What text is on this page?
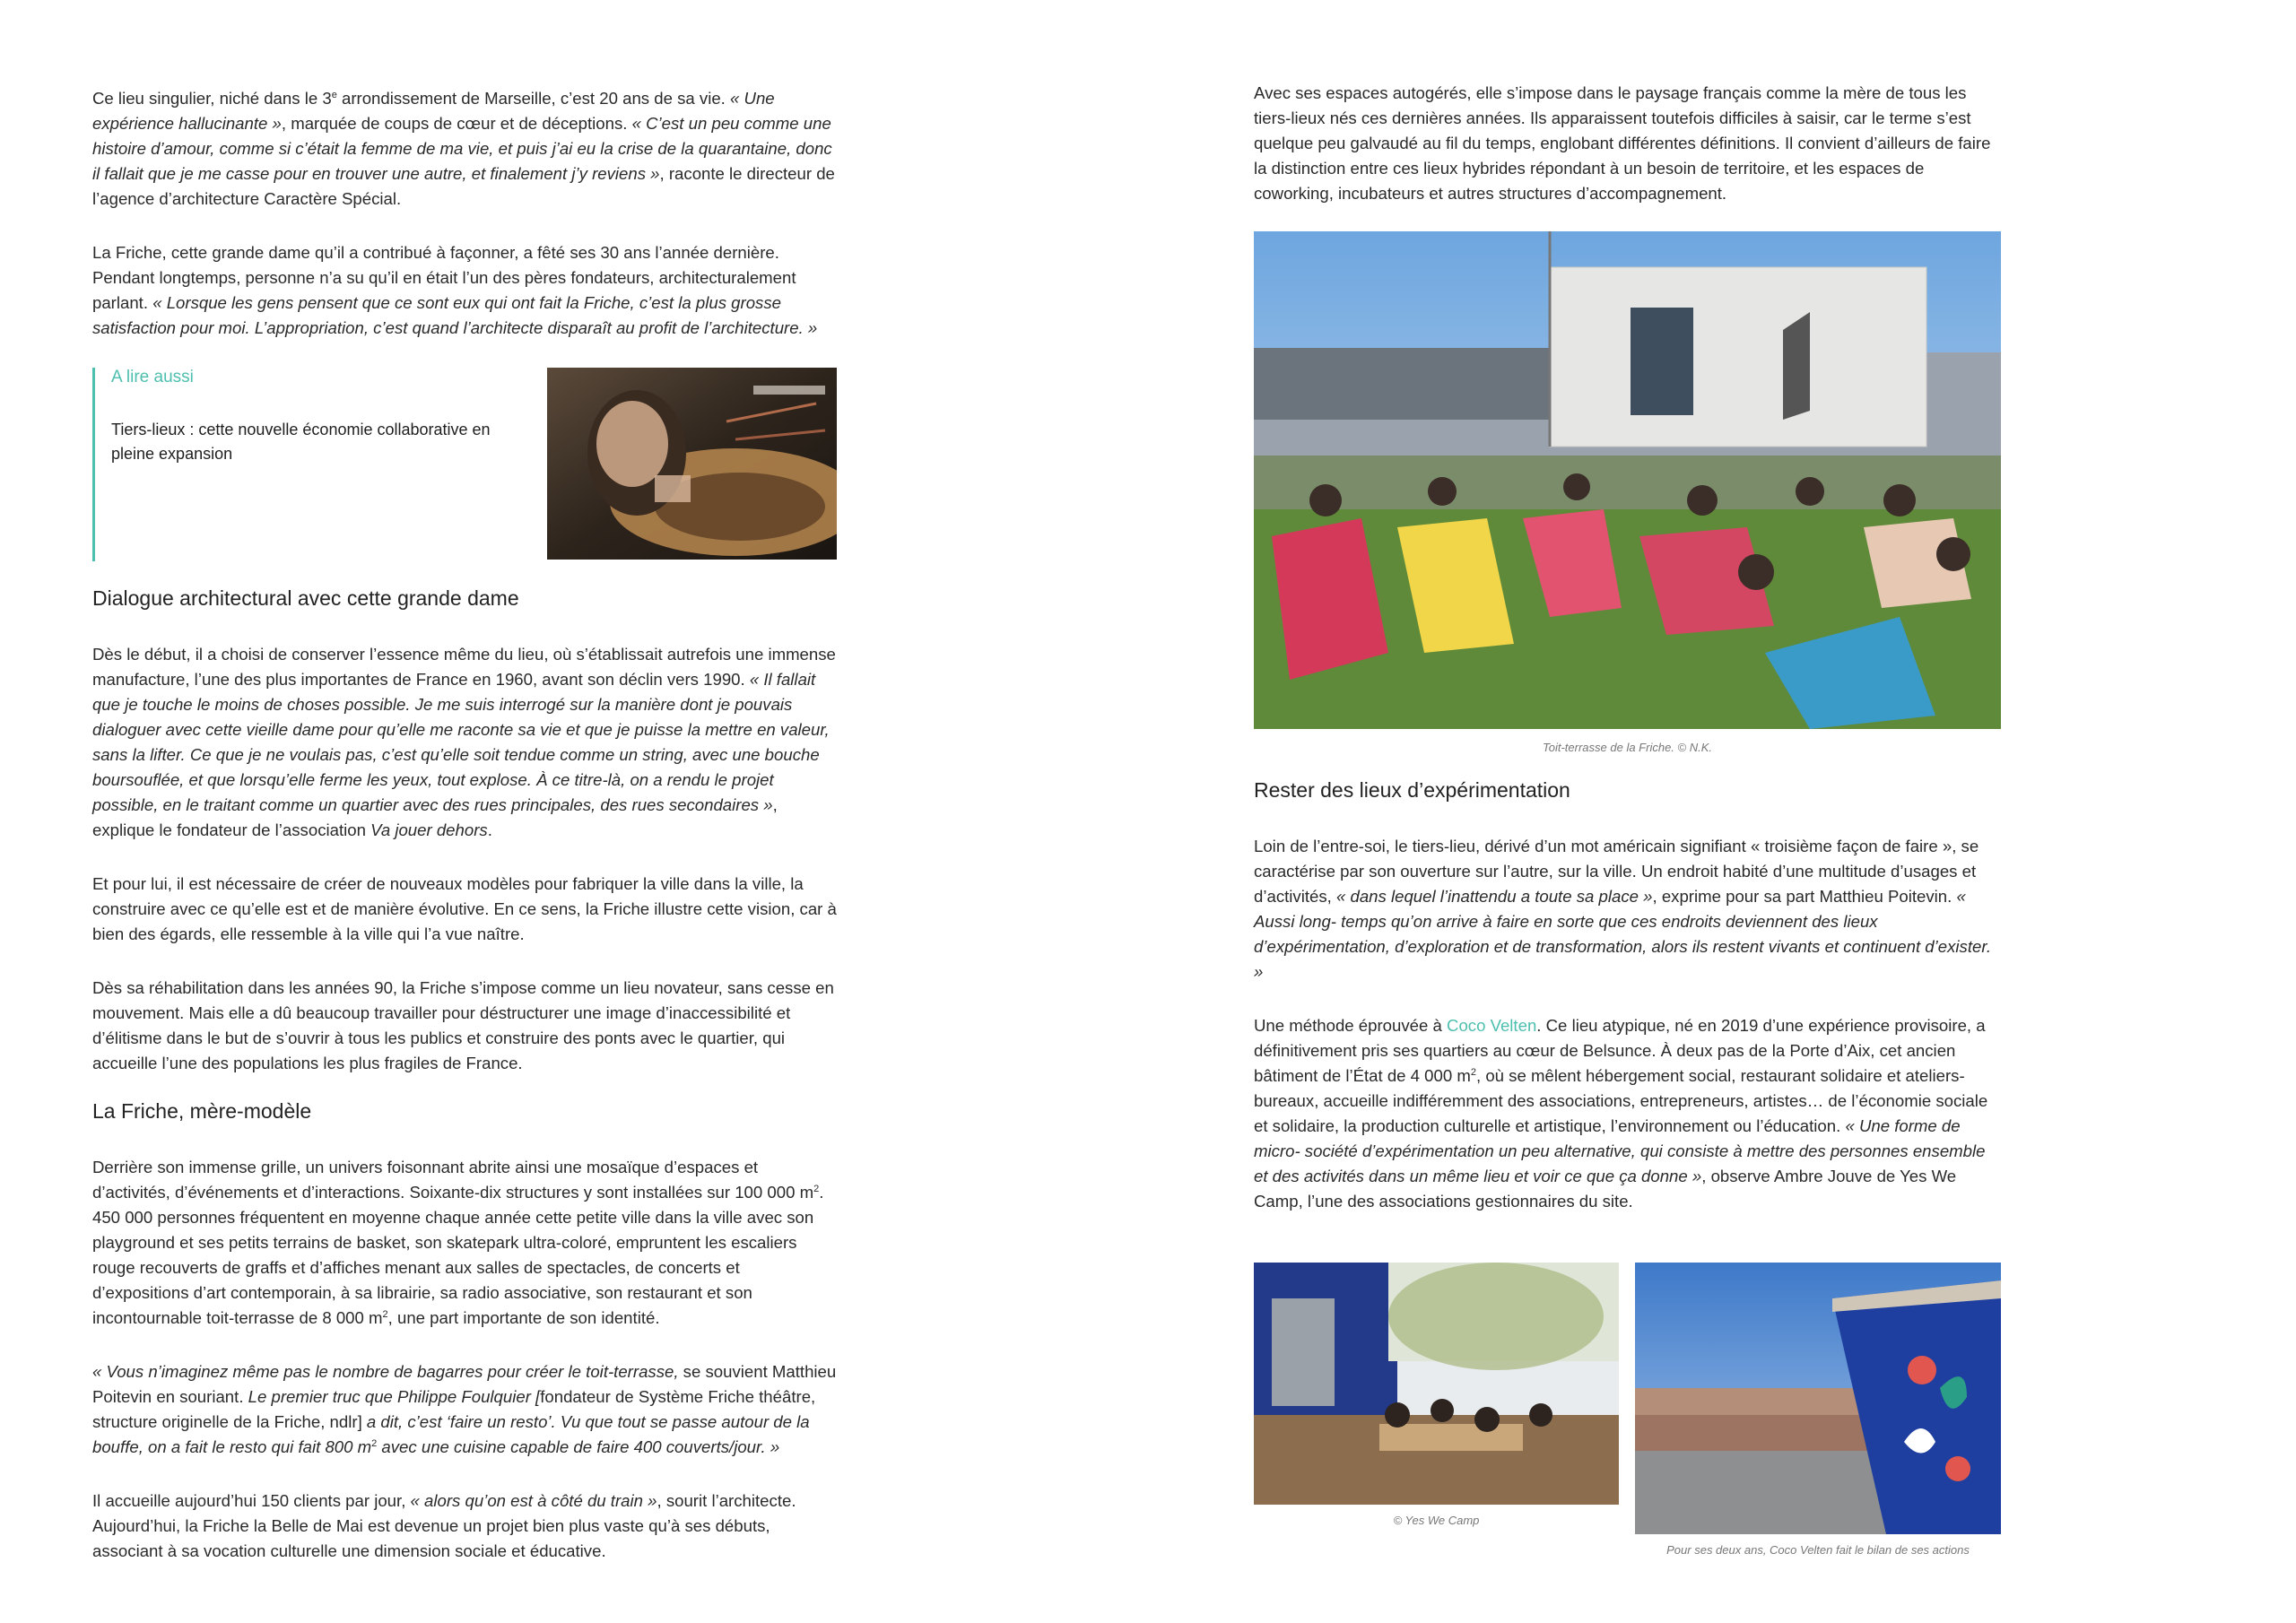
Ce lieu singulier, niché dans le 3e arrondissement de Marseille, c’est 20 ans de sa vie. « Une expérience hallucinante », marquée de coups de cœur et de déceptions. « C’est un peu comme une histoire d’amour, comme si c’était la femme de ma vie, et puis j’ai eu la crise de la quarantaine, donc il fallait que je me casse pour en trouver une autre, et finalement j’y reviens », raconte le directeur de l’agence d’architecture Caractère Spécial.

La Friche, cette grande dame qu’il a contribué à façonner, a fêté ses 30 ans l’année dernière. Pendant longtemps, personne n’a su qu’il en était l’un des pères fondateurs, architecturalement parlant. « Lorsque les gens pensent que ce sont eux qui ont fait la Friche, c’est la plus grosse satisfaction pour moi. L’appropriation, c’est quand l’architecte disparaît au profit de l’architecture. »

A lire aussi
Tiers-lieux : cette nouvelle économie collaborative en pleine expansion
Dialogue architectural avec cette grande dame

Dès le début, il a choisi de conserver l’essence même du lieu, où s’établissait autrefois une immense manufacture, l’une des plus importantes de France en 1960, avant son déclin vers 1990. « Il fallait que je touche le moins de choses possible. Je me suis interrogé sur la manière dont je pouvais dialoguer avec cette vieille dame pour qu’elle me raconte sa vie et que je puisse la mettre en valeur, sans la lifter. Ce que je ne voulais pas, c’est qu’elle soit tendue comme un string, avec une bouche boursouflée, et que lorsqu’elle ferme les yeux, tout explose. À ce titre-là, on a rendu le projet possible, en le traitant comme un quartier avec des rues principales, des rues secondaires », explique le fondateur de l’association Va jouer dehors.

Et pour lui, il est nécessaire de créer de nouveaux modèles pour fabriquer la ville dans la ville, la construire avec ce qu’elle est et de manière évolutive. En ce sens, la Friche illustre cette vision, car à bien des égards, elle ressemble à la ville qui l’a vue naître.

Dès sa réhabilitation dans les années 90, la Friche s’impose comme un lieu novateur, sans cesse en mouvement. Mais elle a dû beaucoup travailler pour déstructurer une image d’inaccessibilité et d’élitisme dans le but de s’ouvrir à tous les publics et construire des ponts avec le quartier, qui accueille l’une des populations les plus fragiles de France.

La Friche, mère-modèle

Derrière son immense grille, un univers foisonnant abrite ainsi une mosaïque d’espaces et d’activités, d’événements et d’interactions. Soixante-dix structures y sont installées sur 100 000 $m^2$. 450 000 personnes fréquentent en moyenne chaque année cette petite ville dans la ville avec son playground et ses petits terrains de basket, son skatepark ultra-coloré, empruntent les escaliers rouge recouverts de graffs et d’affiches menant aux salles de spectacles, de concerts et d’expositions d’art contemporain, à sa librairie, sa radio associative, son restaurant et son incontournable toit-terrasse de 8 000 $m^2$, une part importante de son identité.

« Vous n’imaginez même pas le nombre de bagarres pour créer le toit-terrasse, se souvient Matthieu Poitevin en souriant. Le premier truc que Philippe Foulquier [fondateur de Système Friche théâtre, structure originelle de la Friche, ndlr] a dit, c’est ‘faire un resto’. Vu que tout se passe autour de la bouffe, on a fait le resto qui fait 800 $m^2$ avec une cuisine capable de faire 400 couverts/jour. »

Il accueille aujourd’hui 150 clients par jour, « alors qu’on est à côté du train », sourit l’architecte. Aujourd’hui, la Friche la Belle de Mai est devenue un projet bien plus vaste qu’à ses débuts, associant à sa vocation culturelle une dimension sociale et éducative.

Avec ses espaces autogérés, elle s’impose dans le paysage français comme la mère de tous les tiers-lieux nés ces dernières années. Ils apparaissent toutefois difficiles à saisir, car le terme s’est quelque peu galvaudé au fil du temps, englobant différentes définitions. Il convient d’ailleurs de faire la distinction entre ces lieux hybrides répondant à un besoin de territoire, et les espaces de coworking, incubateurs et autres structures d’accompagnement.

Toit-terrasse de la Friche. © N.K.
Rester des lieux d’expérimentation

Loin de l’entre-soi, le tiers-lieu, dérivé d’un mot américain signifiant « troisième façon de faire », se caractérise par son ouverture sur l’autre, sur la ville. Un endroit habité d’une multitude d’usages et d’activités, « dans lequel l’inattendu a toute sa place », exprime pour sa part Matthieu Poitevin. « Aussi long- temps qu’on arrive à faire en sorte que ces endroits deviennent des lieux d’expérimentation, d’exploration et de transformation, alors ils restent vivants et continuent d’exister. »

Une méthode éprouvée à Coco Velten. Ce lieu atypique, né en 2019 d’une expérience provisoire, a définitivement pris ses quartiers au cœur de Belsunce. À deux pas de la Porte d’Aix, cet ancien bâtiment de l’État de 4 000 $m^2$, où se mêlent hébergement social, restaurant solidaire et ateliers- bureaux, accueille indifféremment des associations, entrepreneurs, artistes… de l’économie sociale et solidaire, la production culturelle et artistique, l’environnement ou l’éducation. « Une forme de micro- société d’expérimentation un peu alternative, qui consiste à mettre des personnes ensemble et des activités dans un même lieu et voir ce que ça donne », observe Ambre Jouve de Yes We Camp, l’une des associations gestionnaires du site.

© Yes We Camp
Pour ses deux ans, Coco Velten fait le bilan de ses actions
